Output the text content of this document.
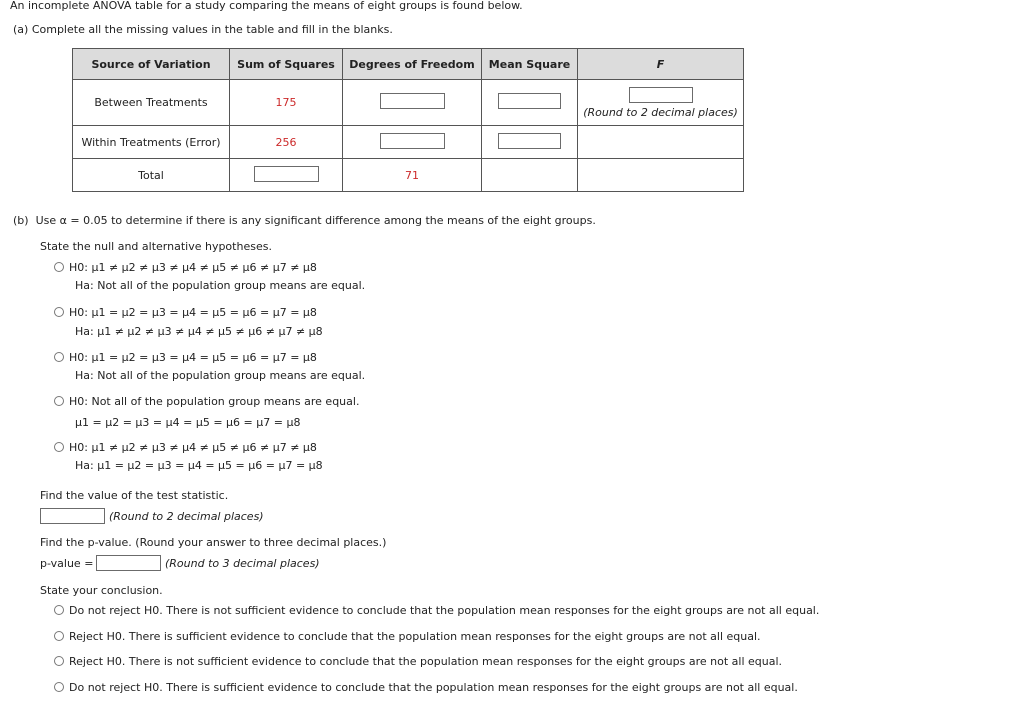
An incomplete ANOVA table for a study comparing the means of eight groups is found below.
(a) Complete all the missing values in the table and fill in the blanks.
Source of Variation	Sum of Squares	Degrees of Freedom	Mean Square	F
Between Treatments	175			(Round to 2 decimal places)
Within Treatments (Error)	256			
Total		71		
(b) Use α = 0.05 to determine if there is any significant difference among the means of the eight groups.
State the null and alternative hypotheses.
H0: μ1 ≠ μ2 ≠ μ3 ≠ μ4 ≠ μ5 ≠ μ6 ≠ μ7 ≠ μ8
Ha: Not all of the population group means are equal.
H0: μ1 = μ2 = μ3 = μ4 = μ5 = μ6 = μ7 = μ8
Ha: μ1 ≠ μ2 ≠ μ3 ≠ μ4 ≠ μ5 ≠ μ6 ≠ μ7 ≠ μ8
H0: μ1 = μ2 = μ3 = μ4 = μ5 = μ6 = μ7 = μ8
Ha: Not all of the population group means are equal.
H0: Not all of the population group means are equal.
μ1 = μ2 = μ3 = μ4 = μ5 = μ6 = μ7 = μ8
H0: μ1 ≠ μ2 ≠ μ3 ≠ μ4 ≠ μ5 ≠ μ6 ≠ μ7 ≠ μ8
Ha: μ1 = μ2 = μ3 = μ4 = μ5 = μ6 = μ7 = μ8
Find the value of the test statistic.
(Round to 2 decimal places)
Find the p-value. (Round your answer to three decimal places.)
p-value =	(Round to 3 decimal places)
State your conclusion.
Do not reject H0. There is not sufficient evidence to conclude that the population mean responses for the eight groups are not all equal.
Reject H0. There is sufficient evidence to conclude that the population mean responses for the eight groups are not all equal.
Reject H0. There is not sufficient evidence to conclude that the population mean responses for the eight groups are not all equal.
Do not reject H0. There is sufficient evidence to conclude that the population mean responses for the eight groups are not all equal.
